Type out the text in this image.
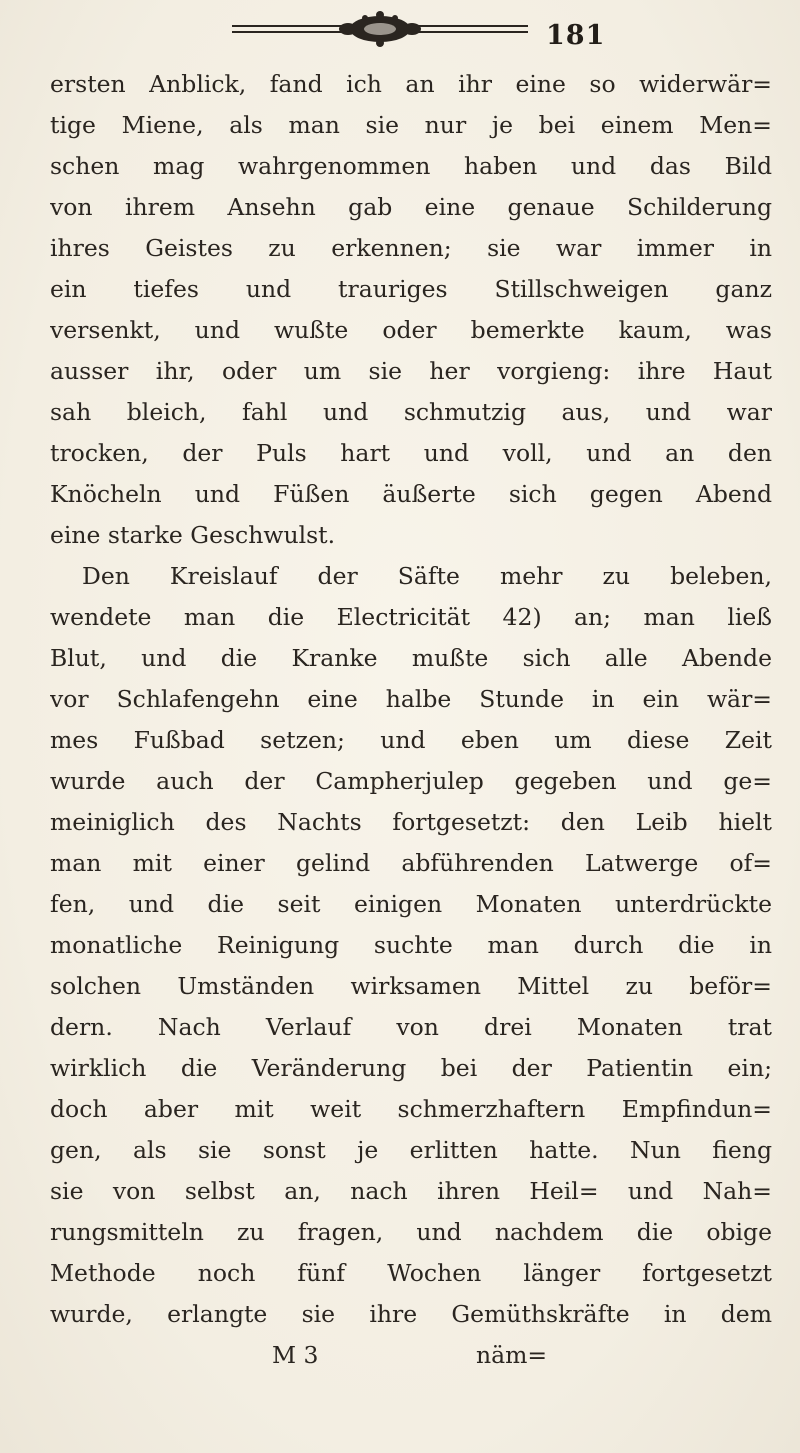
181
ersten Anblick, fand ich an ihr eine so widerwär=
tige Miene, als man sie nur je bei einem Men=
schen mag wahrgenommen haben und das Bild
von ihrem Ansehn gab eine genaue Schilderung
ihres Geistes zu erkennen; sie war immer in
ein tiefes und trauriges Stillschweigen ganz
versenkt, und wußte oder bemerkte kaum, was
ausser ihr, oder um sie her vorgieng: ihre Haut
sah bleich, fahl und schmutzig aus, und war
trocken, der Puls hart und voll, und an den
Knöcheln und Füßen äußerte sich gegen Abend
eine starke Geschwulst.
Den Kreislauf der Säfte mehr zu beleben,
wendete man die Electricität 42) an; man ließ
Blut, und die Kranke mußte sich alle Abende
vor Schlafengehn eine halbe Stunde in ein wär=
mes Fußbad setzen; und eben um diese Zeit
wurde auch der Campherjulep gegeben und ge=
meiniglich des Nachts fortgesetzt: den Leib hielt
man mit einer gelind abführenden Latwerge of=
fen, und die seit einigen Monaten unterdrückte
monatliche Reinigung suchte man durch die in
solchen Umständen wirksamen Mittel zu beför=
dern. Nach Verlauf von drei Monaten trat
wirklich die Veränderung bei der Patientin ein;
doch aber mit weit schmerzhaftern Empfindun=
gen, als sie sonst je erlitten hatte. Nun fieng
sie von selbst an, nach ihren Heil= und Nah=
rungsmitteln zu fragen, und nachdem die obige
Methode noch fünf Wochen länger fortgesetzt
wurde, erlangte sie ihre Gemüthskräfte in dem
M 3	näm=
